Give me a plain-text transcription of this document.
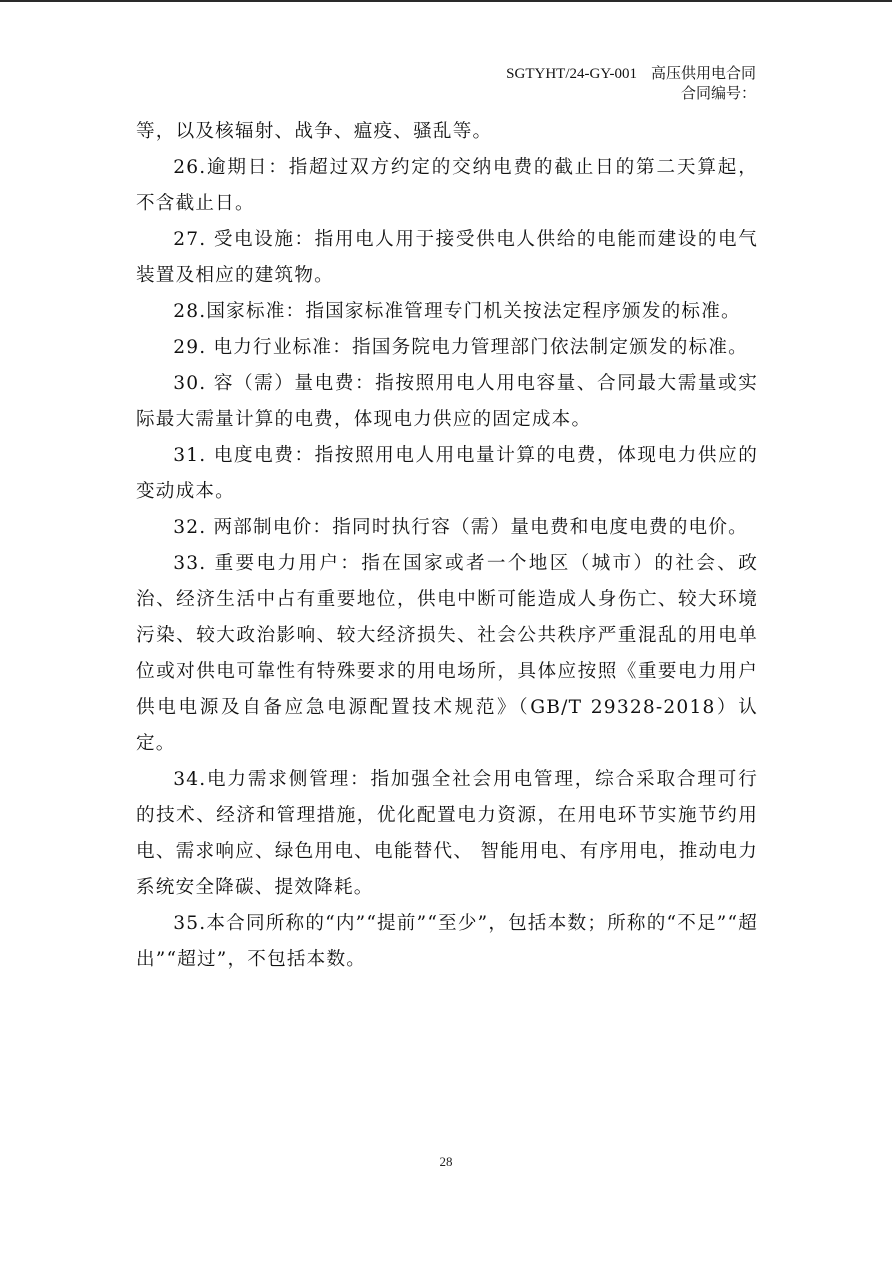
SGTYHT/24-GY-001 高压供用电合同
合同编号：

等，以及核辐射、战争、瘟疫、骚乱等。

26.逾期日：指超过双方约定的交纳电费的截止日的第二天算起，不含截止日。

27. 受电设施：指用电人用于接受供电人供给的电能而建设的电气装置及相应的建筑物。

28.国家标准：指国家标准管理专门机关按法定程序颁发的标准。

29. 电力行业标准：指国务院电力管理部门依法制定颁发的标准。

30. 容（需）量电费：指按照用电人用电容量、合同最大需量或实际最大需量计算的电费，体现电力供应的固定成本。

31. 电度电费：指按照用电人用电量计算的电费，体现电力供应的变动成本。

32. 两部制电价：指同时执行容（需）量电费和电度电费的电价。

33. 重要电力用户：指在国家或者一个地区（城市）的社会、政治、经济生活中占有重要地位，供电中断可能造成人身伤亡、较大环境污染、较大政治影响、较大经济损失、社会公共秩序严重混乱的用电单位或对供电可靠性有特殊要求的用电场所，具体应按照《重要电力用户供电电源及自备应急电源配置技术规范》（GB/T 29328-2018）认定。

34.电力需求侧管理：指加强全社会用电管理，综合采取合理可行的技术、经济和管理措施，优化配置电力资源，在用电环节实施节约用电、需求响应、绿色用电、电能替代、 智能用电、有序用电，推动电力系统安全降碳、提效降耗。

35.本合同所称的“内”“提前”“至少”，包括本数；所称的“不足”“超出”“超过”，不包括本数。

28
